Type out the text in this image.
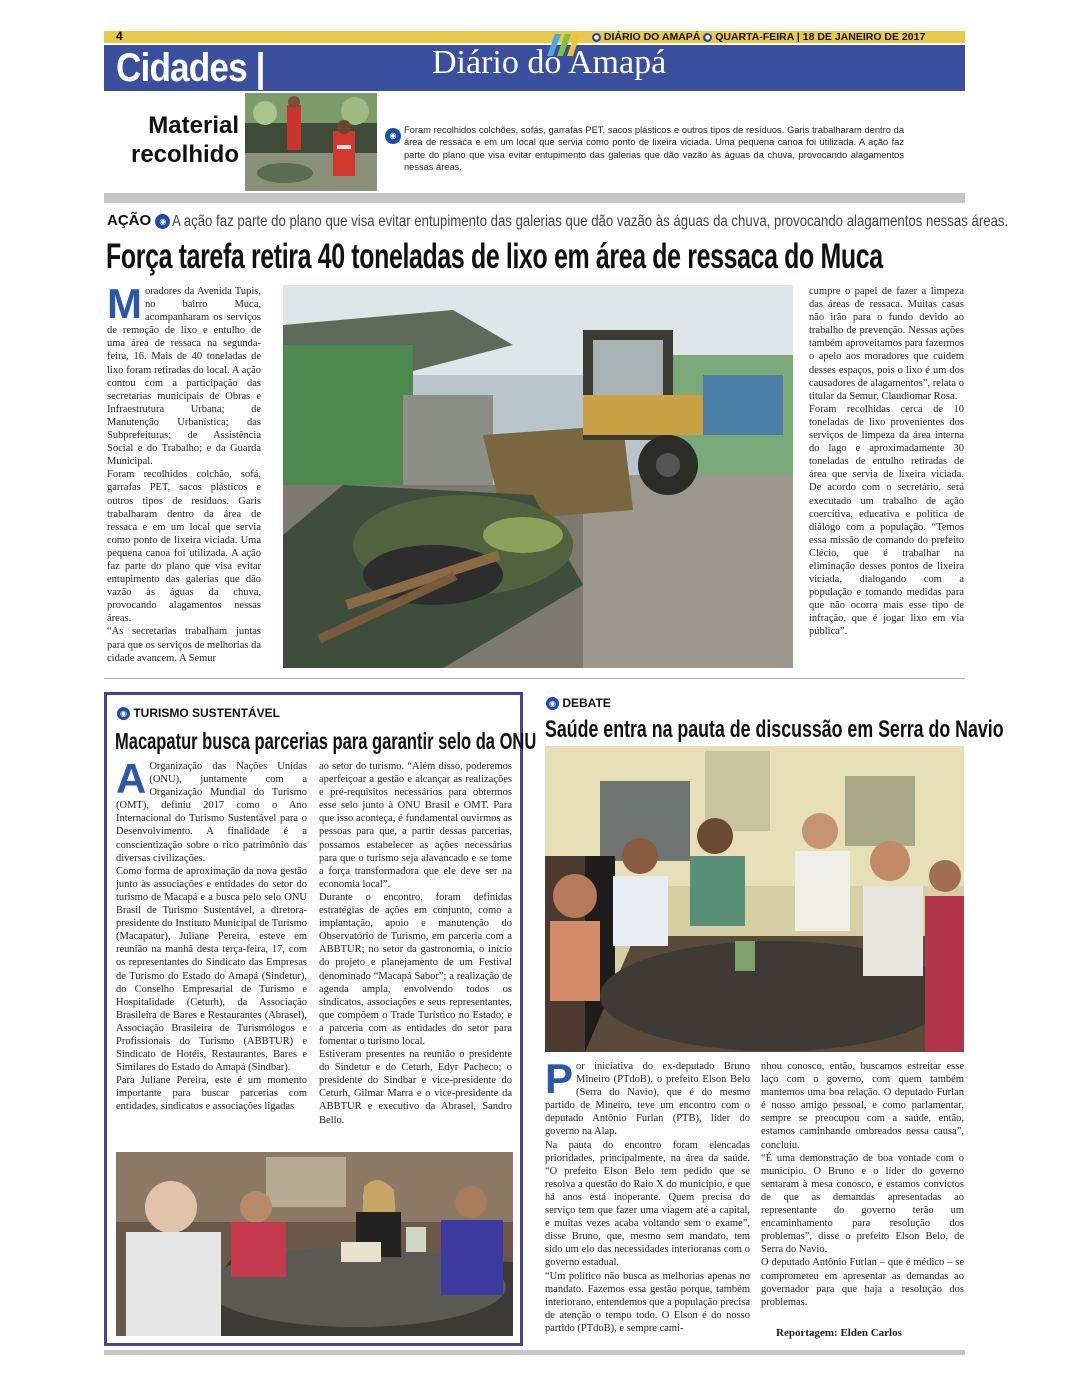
4	● DIÁRIO DO AMAPÁ ● QUARTA-FEIRA | 18 DE JANEIRO DE 2017
Cidades |	Diário do Amapá
Material
recolhido
◉
Foram recolhidos colchões, sofás, garrafas PET, sacos plásticos e outros tipos de resíduos. Garis trabalharam dentro da área de ressaca e em um local que servia como ponto de lixeira viciada. Uma pequena canoa foi utilizada. A ação faz parte do plano que visa evitar entupimento das galerias que dão vazão às águas da chuva, provocando alagamentos nessas áreas.
AÇÃO ◉ A ação faz parte do plano que visa evitar entupimento das galerias que dão vazão às águas da chuva, provocando alagamentos nessas áreas.
Força tarefa retira 40 toneladas de lixo em área de ressaca do Muca
Moradores da Avenida Tupis, no bairro Muca, acompanharam os serviços de remoção de lixo e entulho de uma área de ressaca na segunda-feira, 16. Mais de 40 toneladas de lixo foram retiradas do local. A ação contou com a participação das secretarias municipais de Obras e Infraestrutura Urbana; de Manutenção Urbanística; das Subprefeituras; de Assistência Social e do Trabalho; e da Guarda Municipal.
Foram recolhidos colchão, sofá, garrafas PET, sacos plásticos e outros tipos de resíduos. Garis trabalharam dentro da área de ressaca e em um local que servia como ponto de lixeira viciada. Uma pequena canoa foi utilizada. A ação faz parte do plano que visa evitar entupimento das galerias que dão vazão às águas da chuva, provocando alagamentos nessas áreas.
“As secretarias trabalham juntas para que os serviços de melhorias da cidade avancem. A Semur
cumpre o papel de fazer a limpeza das áreas de ressaca. Muitas casas não irão para o fundo devido ao trabalho de prevenção. Nessas ações também aproveitamos para fazermos o apelo aos moradores que cuidem desses espaços, pois o lixo é um dos causadores de alagamentos”, relata o titular da Semur, Claudiomar Rosa.
Foram recolhidas cerca de 10 toneladas de lixo provenientes dos serviços de limpeza da área interna do lago e aproximadamente 30 toneladas de entulho retiradas de área que servia de lixeira viciada. De acordo com o secretário, será executado um trabalho de ação coercitiva, educativa e política de diálogo com a população. “Temos essa missão de comando do prefeito Clécio, que é trabalhar na eliminação desses pontos de lixeira viciada, dialogando com a população e tomando medidas para que não ocorra mais esse tipo de infração, que é jogar lixo em via pública”.
◉ TURISMO SUSTENTÁVEL
Macapatur busca parcerias para garantir selo da ONU
A Organização das Nações Unidas (ONU), juntamente com a Organização Mundial do Turismo (OMT), definiu 2017 como o Ano Internacional do Turismo Sustentável para o Desenvolvimento. A finalidade é a conscientização sobre o rico patrimônio das diversas civilizações.
Como forma de aproximação da nova gestão junto às associações e entidades do setor do turismo de Macapá e a busca pelo selo ONU Brasil de Turismo Sustentável, a diretora-presidente do Instituto Municipal de Turismo (Macapatur), Juliane Pereira, esteve em reunião na manhã desta terça-feira, 17, com os representantes do Sindicato das Empresas de Turismo do Estado do Amapá (Sindetur), do Conselho Empresarial de Turismo e Hospitalidade (Ceturh), da Associação Brasileira de Bares e Restaurantes (Abrasel), Associação Brasileira de Turismólogos e Profissionais do Turismo (ABBTUR) e Sindicato de Hotéis, Restaurantes, Bares e Similares do Estado do Amapá (Sindbar).
Para Juliane Pereira, este é um momento importante para buscar parcerias com entidades, sindicatos e associações ligadas
ao setor do turismo. “Além disso, poderemos aperfeiçoar a gestão e alcançar as realizações e pré-requisitos necessários para obtermos esse selo junto à ONU Brasil e OMT. Para que isso aconteça, é fundamental ouvirmos as pessoas para que, a partir dessas parcerias, possamos estabelecer as ações necessárias para que o turismo seja alavancado e se tome a força transformadora que ele deve ser na economia local”.
Durante o encontro, foram definidas estratégias de ações em conjunto, como a implantação, apoio e manutenção do Observatório de Turismo, em parceria com a ABBTUR; no setor da gastronomia, o início do projeto e planejamento de um Festival denominado “Macapá Sabor”; a realização de agenda ampla, envolvendo todos os sindicatos, associações e seus representantes, que compõem o Trade Turístico no Estado; e a parceria com as entidades do setor para fomentar o turismo local.
Estiveram presentes na reunião o presidente do Sindetur e do Ceturh, Edyr Pacheco; o presidente do Sindbar e vice-presidente do Ceturh, Gilmar Marra e o vice-presidente da ABBTUR e executivo da Abrasel, Sandro Bello.
◉ DEBATE
Saúde entra na pauta de discussão em Serra do Navio
Por iniciativa do ex-deputado Bruno Mineiro (PTdoB), o prefeito Elson Belo (Serra do Navio), que é do mesmo partido de Mineiro, teve um encontro com o deputado Antônio Furlan (PTB), líder do governo na Alap.
Na pauta do encontro foram elencadas prioridades, principalmente, na área da saúde. “O prefeito Elson Belo tem pedido que se resolva a questão do Raio X do município, e que há anos está inoperante. Quem precisa do serviço tem que fazer uma viagem até a capital, e muitas vezes acaba voltando sem o exame”, disse Bruno, que, mesmo sem mandato, tem sido um elo das necessidades interioranas com o governo estadual.
“Um político não busca as melhorias apenas no mandato. Fazemos essa gestão porque, também interiorano, entendemos que a população precisa de atenção o tempo todo. O Elson é do nosso partido (PTdoB), e sempre cami-
nhou conosco, então, buscamos estreitar esse laço com o governo, com quem também mantemos uma boa relação. O deputado Furlan é nosso amigo pessoal, e como parlamentar, sempre se preocupou com a saúde, então, estamos caminhando ombreados nessa causa”, concluiu.
“É uma demonstração de boa vontade com o município. O Bruno e o líder do governo sentaram à mesa conosco, e estamos convictos de que as demandas apresentadas ao representante do governo terão um encaminhamento para resolução dos problemas”, disse o prefeito Elson Belo, de Serra do Navio.
O deputado Antônio Furlan – que é médico – se comprometeu em apresentar as demandas ao governador para que haja a resolução dos problemas.
Reportagem: Elden Carlos
